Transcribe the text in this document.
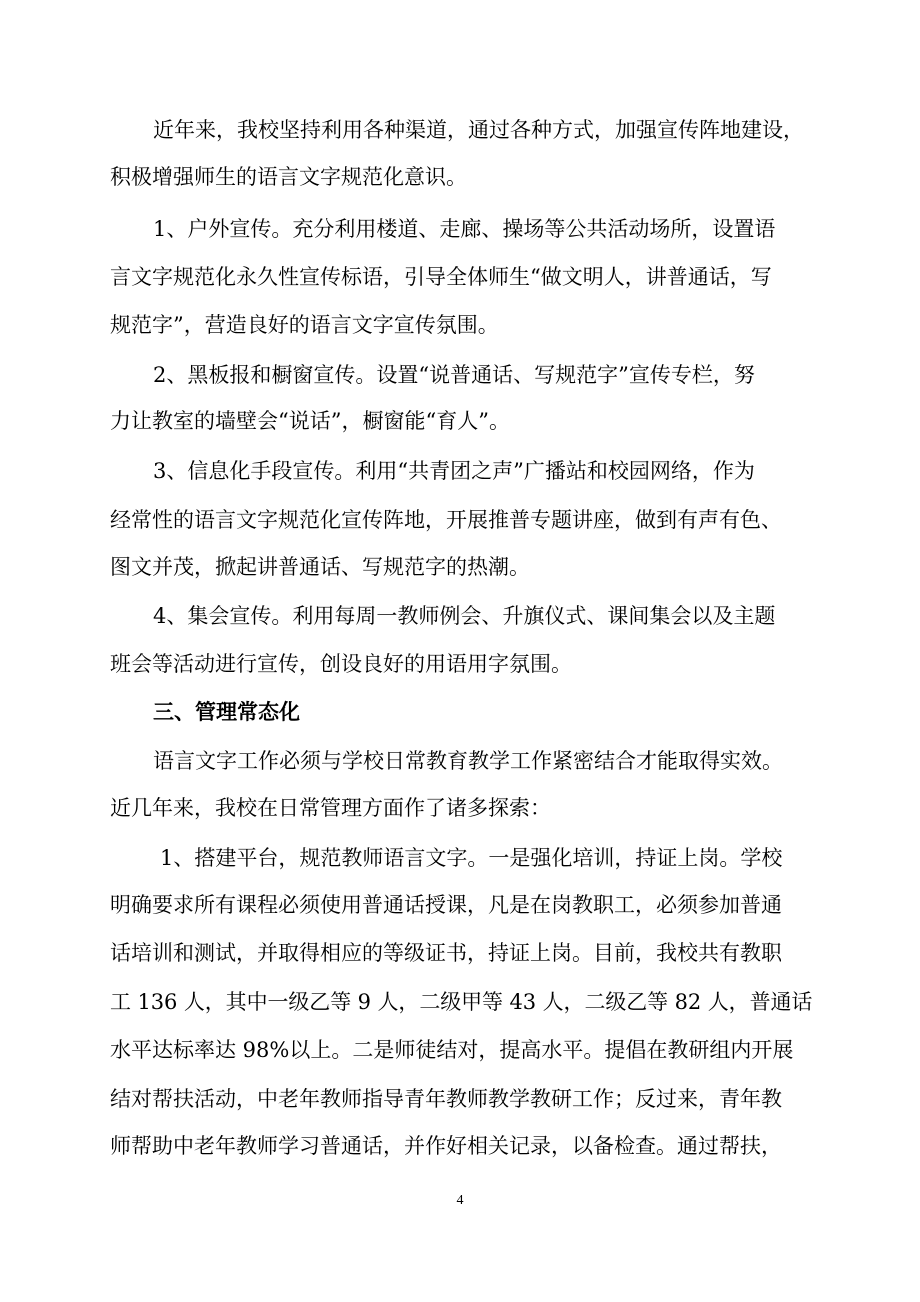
近年来，我校坚持利用各种渠道，通过各种方式，加强宣传阵地建设，
积极增强师生的语言文字规范化意识。
1、户外宣传。充分利用楼道、走廊、操场等公共活动场所，设置语
言文字规范化永久性宣传标语，引导全体师生“做文明人，讲普通话，写
规范字”，营造良好的语言文字宣传氛围。
2、黑板报和橱窗宣传。设置“说普通话、写规范字”宣传专栏，努
力让教室的墙壁会“说话”，橱窗能“育人”。
3、信息化手段宣传。利用“共青团之声”广播站和校园网络，作为
经常性的语言文字规范化宣传阵地，开展推普专题讲座，做到有声有色、
图文并茂，掀起讲普通话、写规范字的热潮。
4、集会宣传。利用每周一教师例会、升旗仪式、课间集会以及主题
班会等活动进行宣传，创设良好的用语用字氛围。
三、管理常态化
语言文字工作必须与学校日常教育教学工作紧密结合才能取得实效。
近几年来，我校在日常管理方面作了诸多探索：
1、搭建平台，规范教师语言文字。一是强化培训，持证上岗。学校
明确要求所有课程必须使用普通话授课，凡是在岗教职工，必须参加普通
话培训和测试，并取得相应的等级证书，持证上岗。目前，我校共有教职
工 136 人，其中一级乙等 9 人，二级甲等 43 人，二级乙等 82 人，普通话
水平达标率达 98%以上。二是师徒结对，提高水平。提倡在教研组内开展
结对帮扶活动，中老年教师指导青年教师教学教研工作；反过来，青年教
师帮助中老年教师学习普通话，并作好相关记录，以备检查。通过帮扶，
4
